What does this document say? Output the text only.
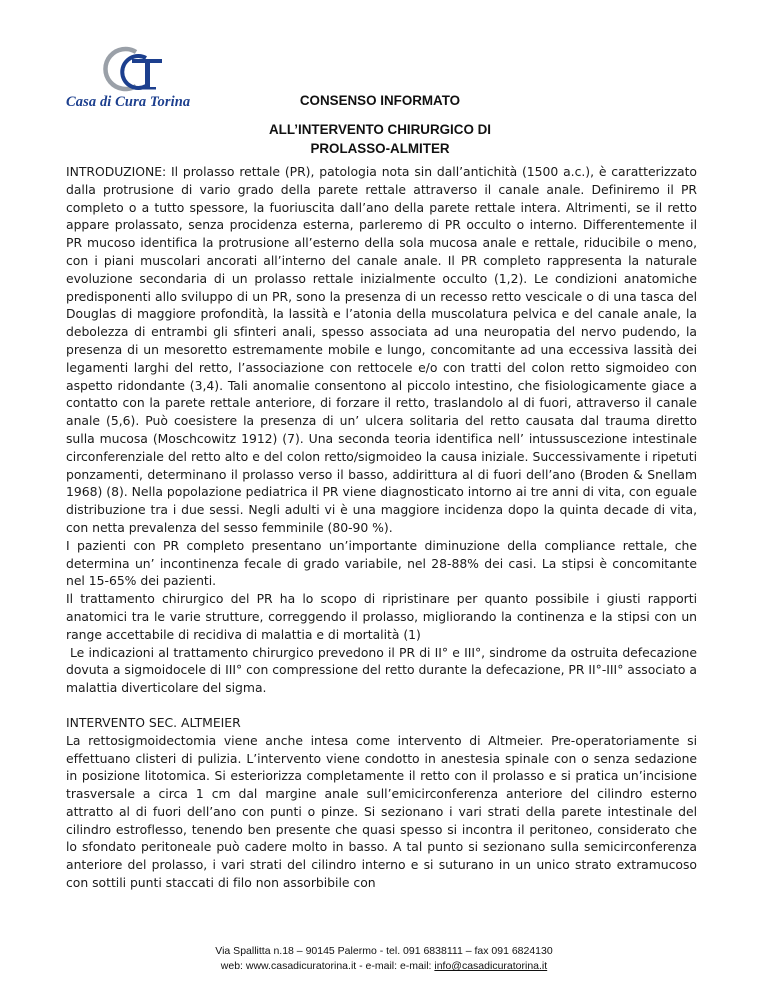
Casa di Cura Torina	CONSENSO INFORMATO
ALL’INTERVENTO CHIRURGICO DI
PROLASSO-ALMITER

INTRODUZIONE: Il prolasso rettale (PR), patologia nota sin dall’antichità (1500 a.c.), è caratterizzato dalla protrusione di vario grado della parete rettale attraverso il canale anale. Definiremo il PR completo o a tutto spessore, la fuoriuscita dall’ano della parete rettale intera. Altrimenti, se il retto appare prolassato, senza procidenza esterna, parleremo di PR occulto o interno. Differentemente il PR mucoso identifica la protrusione all’esterno della sola mucosa anale e rettale, riducibile o meno, con i piani muscolari ancorati all’interno del canale anale. Il PR completo rappresenta la naturale evoluzione secondaria di un prolasso rettale inizialmente occulto (1,2). Le condizioni anatomiche predisponenti allo sviluppo di un PR, sono la presenza di un recesso retto vescicale o di una tasca del Douglas di maggiore profondità, la lassità e l’atonia della muscolatura pelvica e del canale anale, la debolezza di entrambi gli sfinteri anali, spesso associata ad una neuropatia del nervo pudendo, la presenza di un mesoretto estremamente mobile e lungo, concomitante ad una eccessiva lassità dei legamenti larghi del retto, l’associazione con rettocele e/o con tratti del colon retto sigmoideo con aspetto ridondante (3,4). Tali anomalie consentono al piccolo intestino, che fisiologicamente giace a contatto con la parete rettale anteriore, di forzare il retto, traslandolo al di fuori, attraverso il canale anale (5,6). Può coesistere la presenza di un’ ulcera solitaria del retto causata dal trauma diretto sulla mucosa (Moschcowitz 1912) (7). Una seconda teoria identifica nell’ intussuscezione intestinale circonferenziale del retto alto e del colon retto/sigmoideo la causa iniziale. Successivamente i ripetuti ponzamenti, determinano il prolasso verso il basso, addirittura al di fuori dell’ano (Broden & Snellam 1968) (8). Nella popolazione pediatrica il PR viene diagnosticato intorno ai tre anni di vita, con eguale distribuzione tra i due sessi. Negli adulti vi è una maggiore incidenza dopo la quinta decade di vita, con netta prevalenza del sesso femminile (80-90 %).

I pazienti con PR completo presentano un’importante diminuzione della compliance rettale, che determina un’ incontinenza fecale di grado variabile, nel 28-88% dei casi. La stipsi è concomitante nel 15-65% dei pazienti.

Il trattamento chirurgico del PR ha lo scopo di ripristinare per quanto possibile i giusti rapporti anatomici tra le varie strutture, correggendo il prolasso, migliorando la continenza e la stipsi con un range accettabile di recidiva di malattia e di mortalità (1)

Le indicazioni al trattamento chirurgico prevedono il PR di II° e III°, sindrome da ostruita defecazione dovuta a sigmoidocele di III° con compressione del retto durante la defecazione, PR II°-III° associato a malattia diverticolare del sigma.

INTERVENTO SEC. ALTMEIER

La rettosigmoidectomia viene anche intesa come intervento di Altmeier. Pre-operatoriamente si effettuano clisteri di pulizia. L’intervento viene condotto in anestesia spinale con o senza sedazione in posizione litotomica. Si esteriorizza completamente il retto con il prolasso e si pratica un’incisione trasversale a circa 1 cm dal margine anale sull’emicirconferenza anteriore del cilindro esterno attratto al di fuori dell’ano con punti o pinze. Si sezionano i vari strati della parete intestinale del cilindro estroflesso, tenendo ben presente che quasi spesso si incontra il peritoneo, considerato che lo sfondato peritoneale può cadere molto in basso. A tal punto si sezionano sulla semicirconferenza anteriore del prolasso, i vari strati del cilindro interno e si suturano in un unico strato extramucoso con sottili punti staccati di filo non assorbibile con

Via Spallitta n.18 – 90145 Palermo - tel. 091 6838111 – fax 091 6824130
web: www.casadicuratorina.it - e-mail: e-mail: info@casadicuratorina.it
